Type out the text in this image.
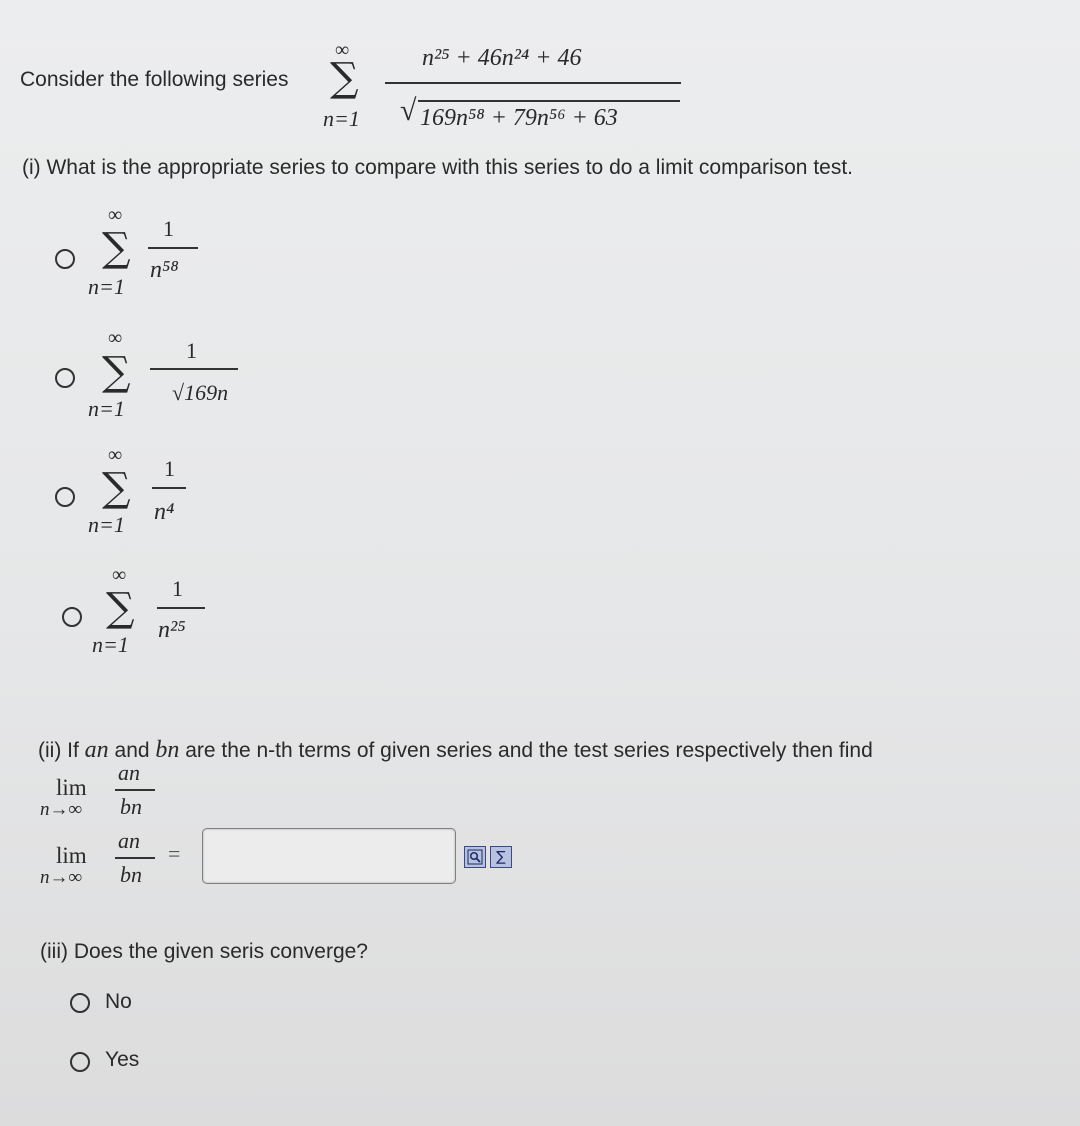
Consider the following series
∞
∑
n=1
n²⁵ + 46n²⁴ + 46
√ 169n⁵⁸ + 79n⁵⁶ + 63
(i) What is the appropriate series to compare with this series to do a limit comparison test.
∞
∑
n=1
1
n⁵⁸
∞
∑
n=1
1
√169n
∞
∑
n=1
1
n⁴
∞
∑
n=1
1
n²⁵
(ii) If an and bn are the n-th terms of given series and the test series respectively then find
lim
n→∞
an
bn
lim
n→∞
an
bn
=	∑
(iii) Does the given seris converge?
No
Yes
